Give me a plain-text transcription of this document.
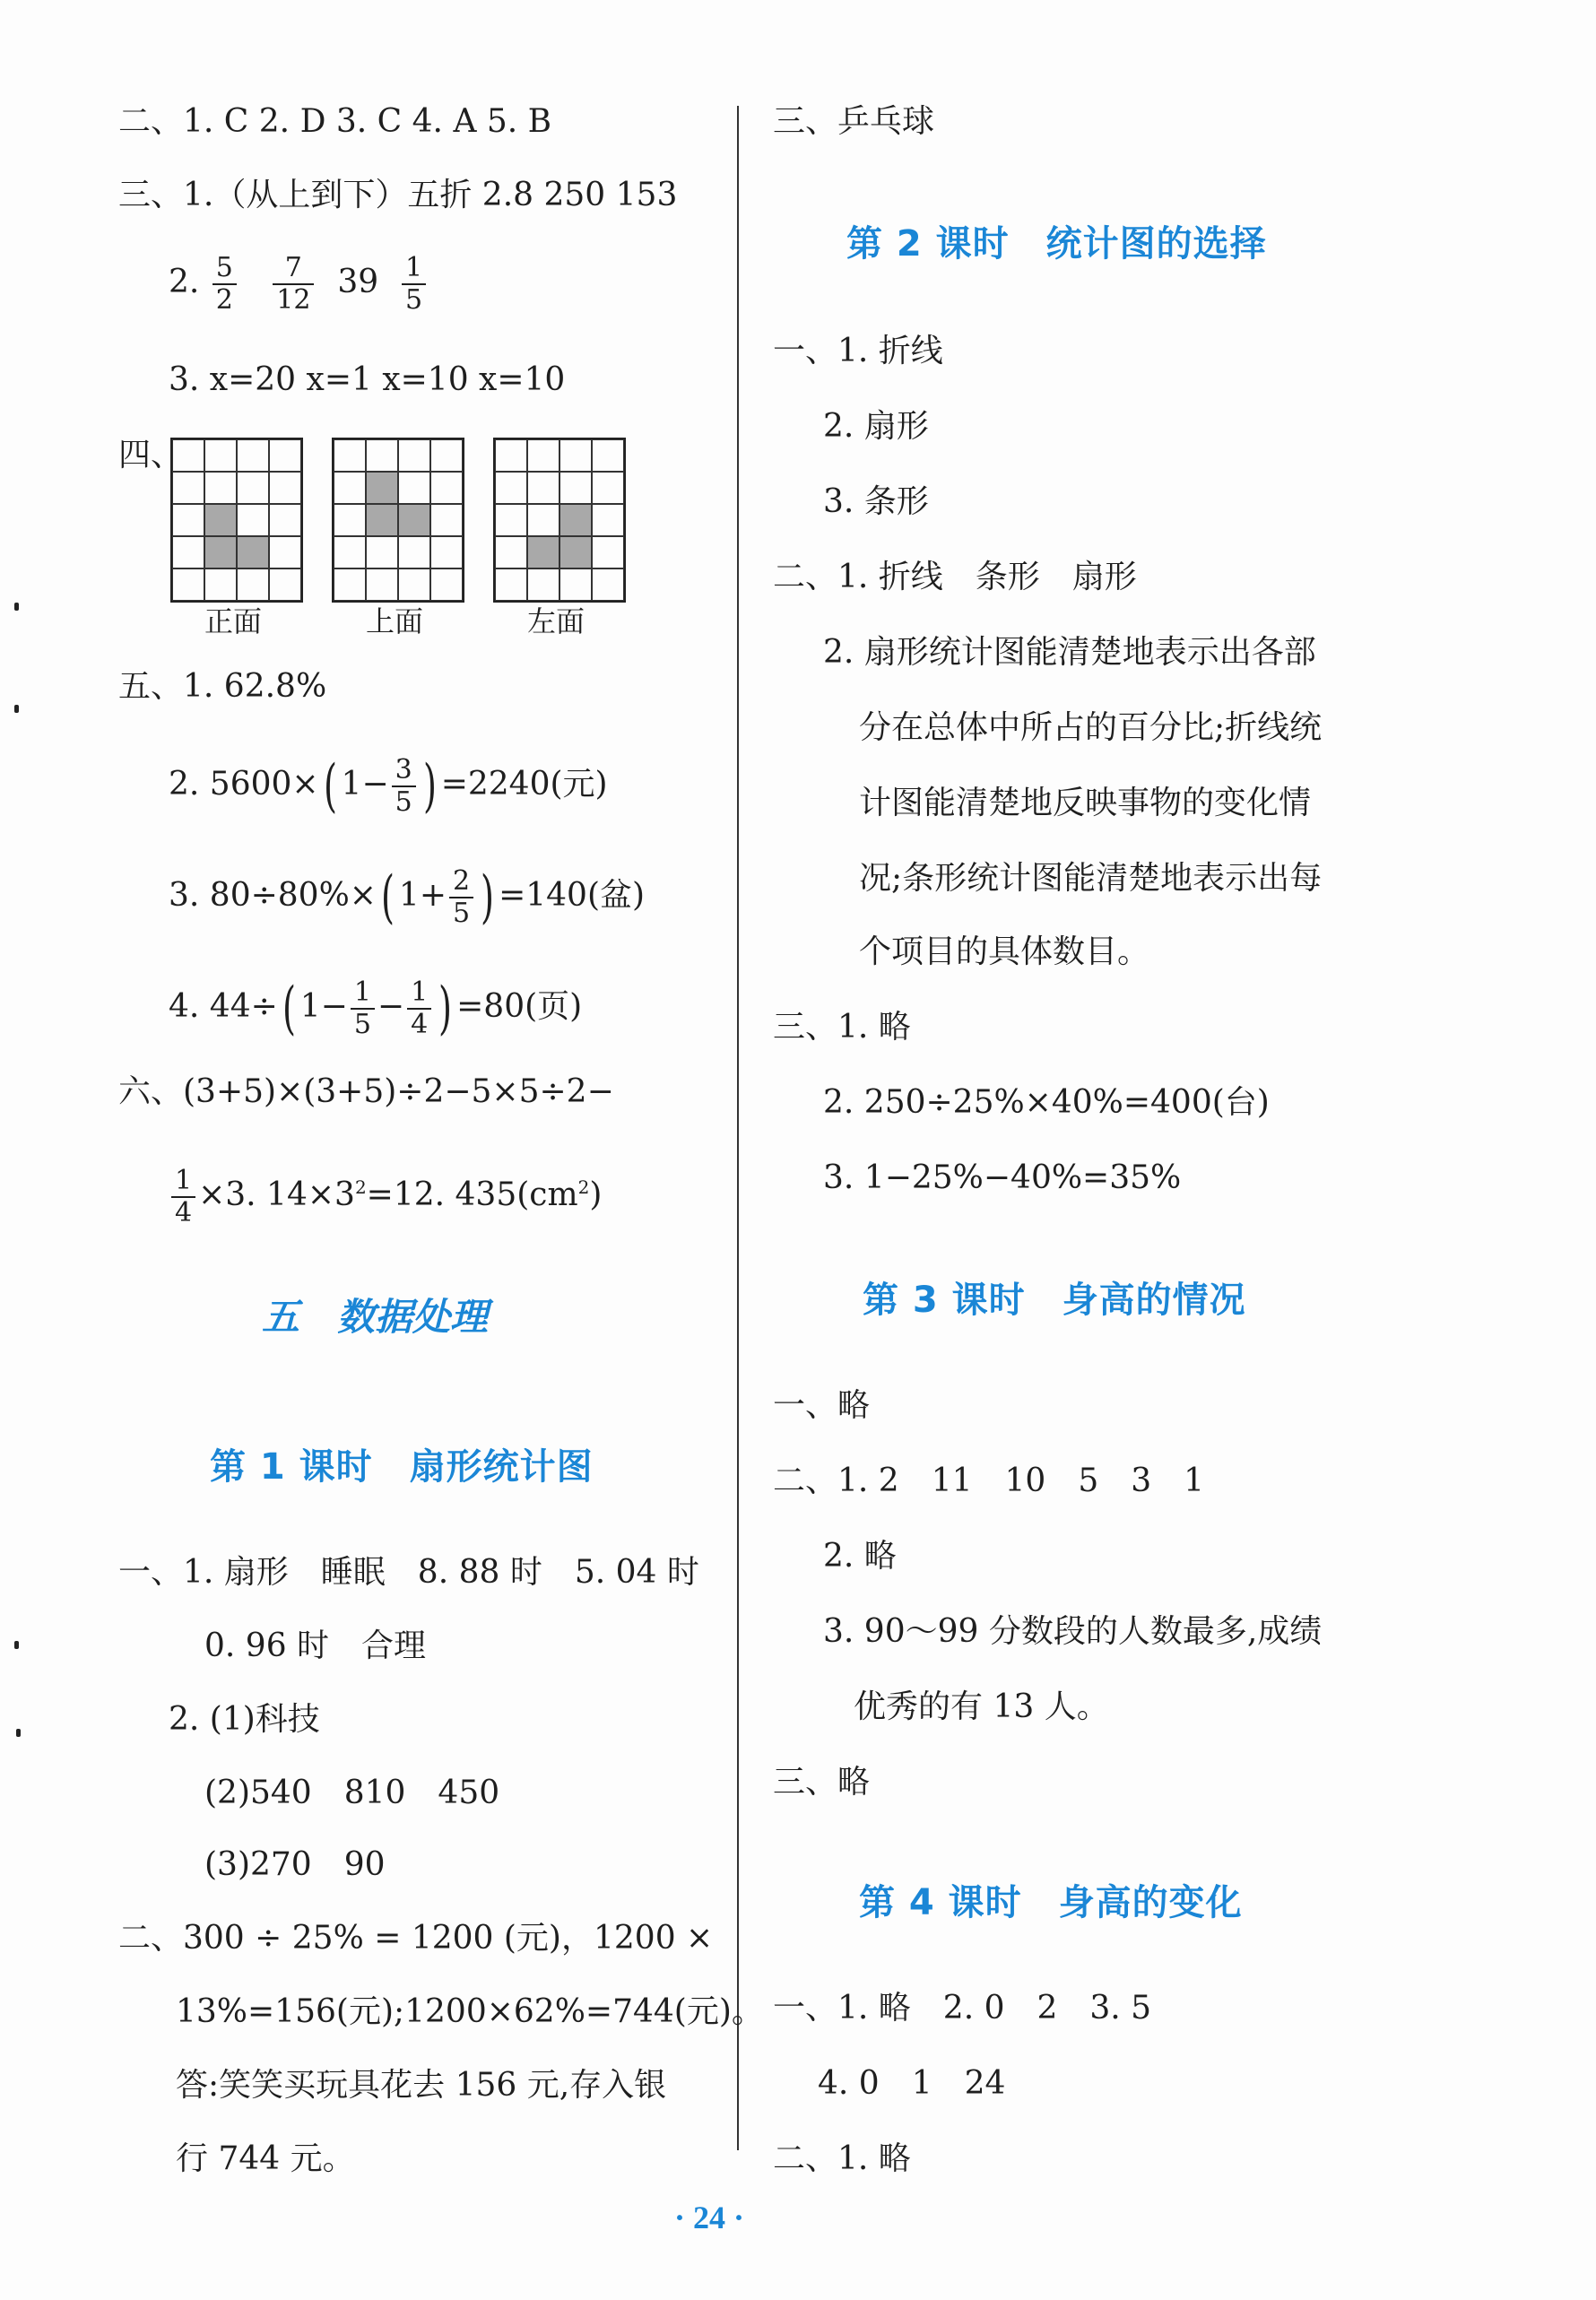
二、1. C 2. D 3. C 4. A 5. B
三、1.（从上到下）五折 2.8 250 153
2. $\frac{5}{2}$
$\frac{7}{12} 39 \frac{1}{5}$
3. x=20 x=1 x=10 x=10
四、
正面	上面	左面
五、1. 62.8%
2. 5600×( $1- \frac{3}{5}$ ) =2240(元)
3. 80÷80%×( $1+ \frac{2}{5}$ ) =140(盆)
4. 44÷( $1- \frac{1}{5} - \frac{1}{4}$ ) =80(页)
六、(3+5)×(3+5)÷2−5×5÷2−
$\frac{1}{4} \times 3$. $14\times 3^2=12$. $435(cm^2)$
五　数据处理
第 1 课时　扇形统计图
一、1. 扇形　睡眠　8. 88 时　5. 04 时
0. 96 时　合理
2. (1)科技
(2)540　810　450
(3)270　90
二、300 ÷ 25% = 1200 (元)，1200 ×
13%=156(元);1200×62%=744(元)。
答:笑笑买玩具花去 156 元,存入银
行 744 元。
三、乒乓球
第 2 课时　统计图的选择
一、1. 折线
2. 扇形
3. 条形
二、1. 折线　条形　扇形
2. 扇形统计图能清楚地表示出各部
分在总体中所占的百分比;折线统
计图能清楚地反映事物的变化情
况;条形统计图能清楚地表示出每
个项目的具体数目。
三、1. 略
2. 250÷25%×40%=400(台)
3. 1−25%−40%=35%
第 3 课时　身高的情况
一、略
二、1. 2　11　10　5　3　1
2. 略
3. 90～99 分数段的人数最多,成绩
优秀的有 13 人。
三、略
第 4 课时　身高的变化
一、1. 略　2. 0　2　3. 5
4. 0　1　24
二、1. 略
· 24 ·
